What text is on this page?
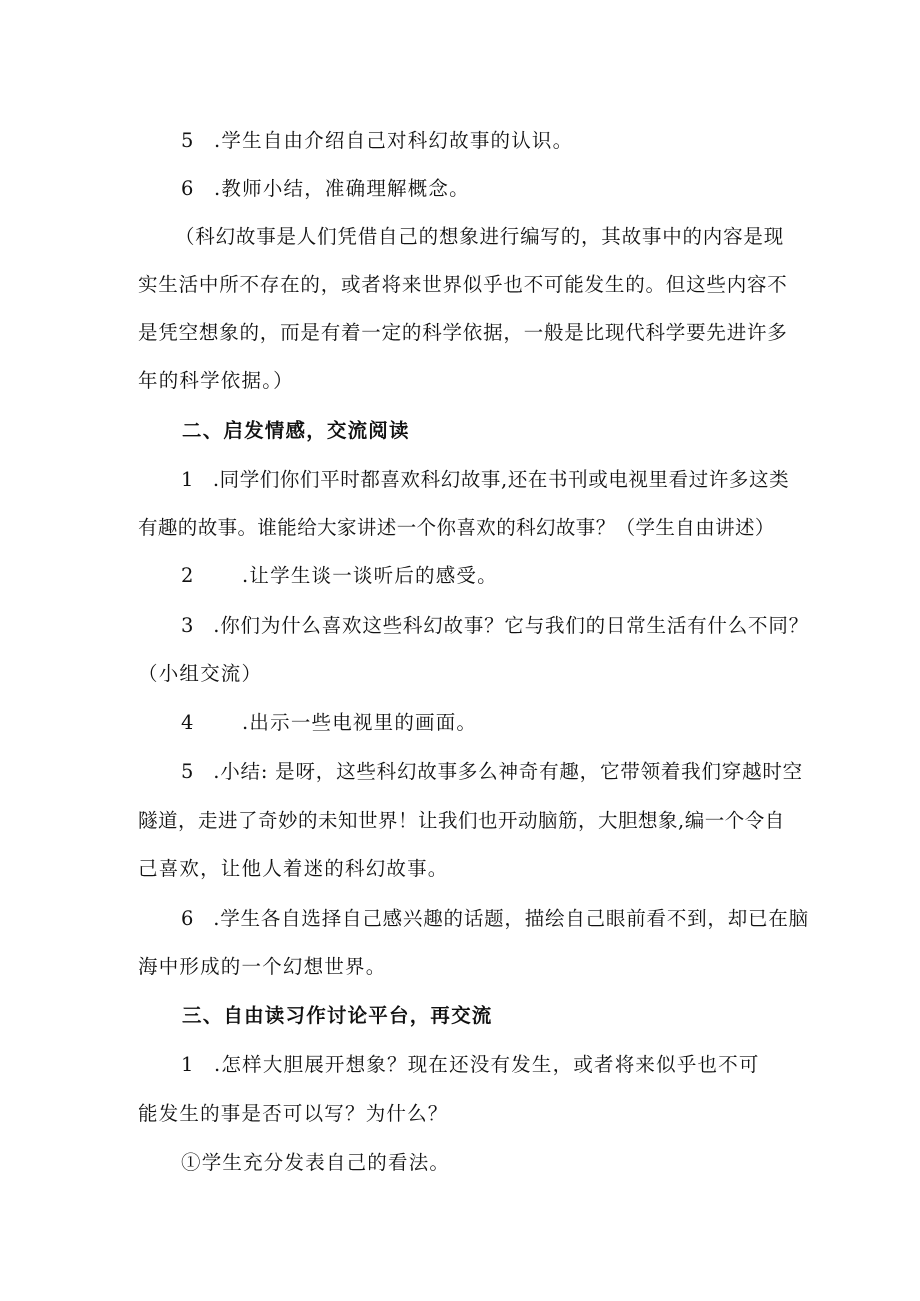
5 .学生自由介绍自己对科幻故事的认识。
6 .教师小结，准确理解概念。
（科幻故事是人们凭借自己的想象进行编写的，其故事中的内容是现
实生活中所不存在的，或者将来世界似乎也不可能发生的。但这些内容不
是凭空想象的，而是有着一定的科学依据，一般是比现代科学要先进许多
年的科学依据。）
二、启发情感，交流阅读
1 .同学们你们平时都喜欢科幻故事,还在书刊或电视里看过许多这类
有趣的故事。谁能给大家讲述一个你喜欢的科幻故事？（学生自由讲述）
2 .让学生谈一谈听后的感受。
3 .你们为什么喜欢这些科幻故事？它与我们的日常生活有什么不同？
（小组交流）
4 .出示一些电视里的画面。
5 .小结: 是呀，这些科幻故事多么神奇有趣，它带领着我们穿越时空
隧道，走进了奇妙的未知世界！让我们也开动脑筋，大胆想象,编一个令自
己喜欢，让他人着迷的科幻故事。
6 .学生各自选择自己感兴趣的话题，描绘自己眼前看不到，却已在脑
海中形成的一个幻想世界。
三、自由读习作讨论平台，再交流
1 .怎样大胆展开想象？现在还没有发生，或者将来似乎也不可
能发生的事是否可以写？为什么？
①学生充分发表自己的看法。
